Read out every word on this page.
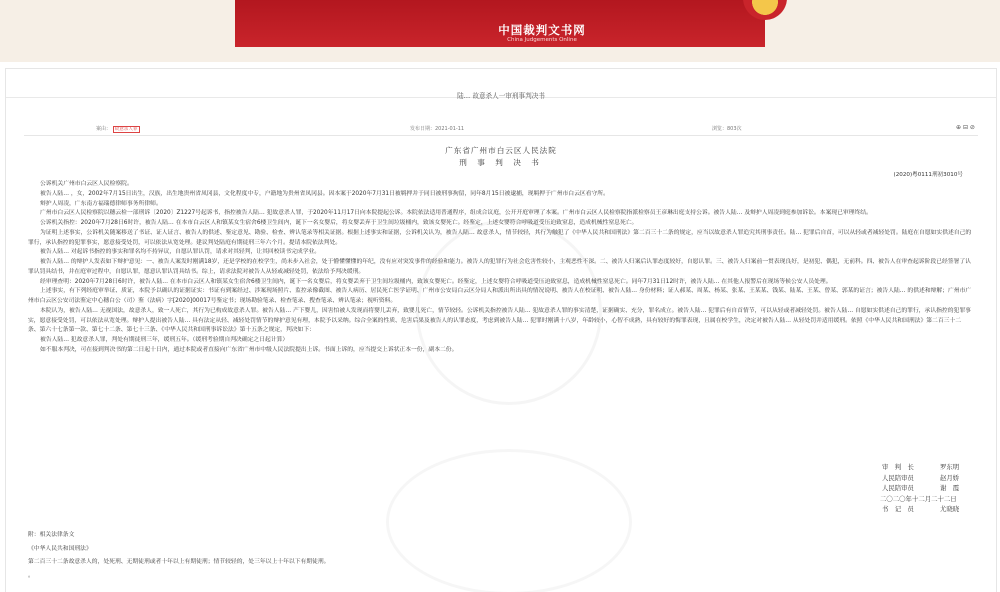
中国裁判文书网
China Judgements Online
陆… 故意杀人一审刑事判决书
案由： 故意杀人罪	发布日期：2021-01-11	浏览：803次	⊕ ⊟ ⊘
广东省广州市白云区人民法院
刑 事 判 决 书
(2020)粤0111刑初3010号

公诉机关广州市白云区人民检察院。

被告人陆… ，女，2002年7月15日出生，汉族，出生地贵州省凤冈县，文化程度中专，户籍地为贵州省凤冈县。因本案于2020年7月31日被羁押并于同日被刑事拘留，同年8月15日被逮捕，现羁押于广州市白云区看守所。

辩护人周凌，广东南方福瑞德律师事务所律师。

广州市白云区人民检察院以穗云检一部刑诉〔2020〕Z1227号起诉书，指控被告人陆… 犯故意杀人罪，于2020年11月17日向本院提起公诉。本院依法适用普通程序，组成合议庭，公开开庭审理了本案。广州市白云区人民检察院指派检察员王彦琳出庭支持公诉。被告人陆… 及辩护人周凌到庭参加诉讼。本案现已审理终结。

公诉机关指控：2020年7月28日6时许，被告人陆… 在本市白云区人和镇某女生宿舍6楼卫生间内，诞下一名女婴后，将女婴丢弃于卫生间垃圾桶内，致该女婴死亡。经鉴定，上述女婴符合呼吸道受压迫致窒息，造成机械性窒息死亡。

为证明上述事实，公诉机关随案移送了书证、证人证言、被告人的供述、鉴定意见、勘验、检查、辨认笔录等相关证据。根据上述事实和证据，公诉机关认为，被告人陆… 故意杀人，情节较轻，其行为触犯了《中华人民共和国刑法》第二百三十二条的规定，应当以故意杀人罪追究其刑事责任。陆… 犯罪后自首，可以从轻或者减轻处罚。陆庭在自愿如实供述自己的罪行，承认指控的犯罪事实，愿意接受处罚，可以依法从宽处理。建议判处陆庭有期徒刑三年六个月。提请本院依法判处。

被告人陆… 对起诉书指控的事实和罪名均不持异议，自愿认罪认罚，请求对其轻判，让其回校读书完成学业。

被告人陆… 的辩护人发表如下辩护意见：一、被告人案发时刚满18岁，还是学校的在校学生，尚未步入社会，处于懵懂懂懂的年纪，没有应对突发事件的经验和能力。被告人的犯罪行为社会危害性较小，主观恶性不深。二、被告人归案后认罪态度较好，自愿认罪。三、被告人归案前一贯表现良好，是初犯、偶犯，无前科。四、被告人在审查起诉阶段已经签署了认罪认罚具结书，并在庭审过程中，自愿认罪，愿意认罪认罚具结书。综上，请求法院对被告人从轻或减轻处罚，依法给予判决缓刑。

经审理查明：2020年7月28日6时许，被告人陆… 在本市白云区人和镇某女生宿舍6楼卫生间内，诞下一名女婴后，将女婴丢弃于卫生间垃圾桶内，致该女婴死亡。经鉴定，上述女婴符合呼吸道受压迫致窒息，造成机械性窒息死亡。同年7月31日12时许，被告人陆… 在其他人报警后在现场等候公安人员处理。

上述事实，有下列经庭审举证、质证，本院予以确认的证据证实：书证有到案经过、涉案现场照片、监控录像截图、被告人病历、居民死亡医学证明、广州市公安局白云区分局人和派出所出具的情况说明、被告人在校证明、被告人陆… 身份材料；证人郝某、周某、杨某、张某、王某某、钱某、陆某、王某、曾某、郭某的证言；被告人陆… 的供述和辩解；广州市广州市白云区公安司法鉴定中心穗白公（司）鉴（法病）字[2020]00017号鉴定书；现场勘验笔录、检查笔录、搜查笔录、辨认笔录；视听资料。

本院认为，被告人陆… 无视国法，故意杀人，致一人死亡，其行为已构成故意杀人罪。被告人陆… 产下婴儿，因害怕被人发现而将婴儿丢弃，致婴儿死亡，情节较轻。公诉机关指控被告人陆… 犯故意杀人罪的事实清楚，证据确实、充分，罪名成立。被告人陆… 犯罪后有自首情节，可以从轻或者减轻处罚。被告人陆… 自愿如实供述自己的罪行，承认指控的犯罪事实，愿意接受处罚，可以依法从宽处理。辩护人提出被告人陆… 具有法定从轻、减轻处罚情节的辩护意见有理，本院予以采纳。综合全案的性质、危害后果及被告人的认罪态度，考虑到被告人陆… 犯罪时刚满十八岁，年龄较小，心智不成熟，具有较好的悔罪表现，且属在校学生，决定对被告人陆… 从轻处罚并适用缓刑。依照《中华人民共和国刑法》第二百三十二条、第六十七条第一款、第七十二条、第七十三条、《中华人民共和国刑事诉讼法》第十五条之规定，判决如下：

被告人陆… 犯故意杀人罪，判处有期徒刑三年，缓刑五年。（缓刑考验期自判决确定之日起计算）

如不服本判决，可在接到判决书的第二日起十日内，通过本院或者直接向广东省广州市中级人民法院提出上诉。书面上诉的，应当提交上诉状正本一份，副本二份。

审　判　长	罗东明
人民陪审员	赵月娇
人民陪审员	谢　霞
二〇二〇年十二月二十二日
书　记　员	尤晓晓
附：相关法律条文
《中华人民共和国刑法》
第二百三十二条故意杀人的，处死刑、无期徒刑或者十年以上有期徒刑；情节较轻的，处三年以上十年以下有期徒刑。
。
